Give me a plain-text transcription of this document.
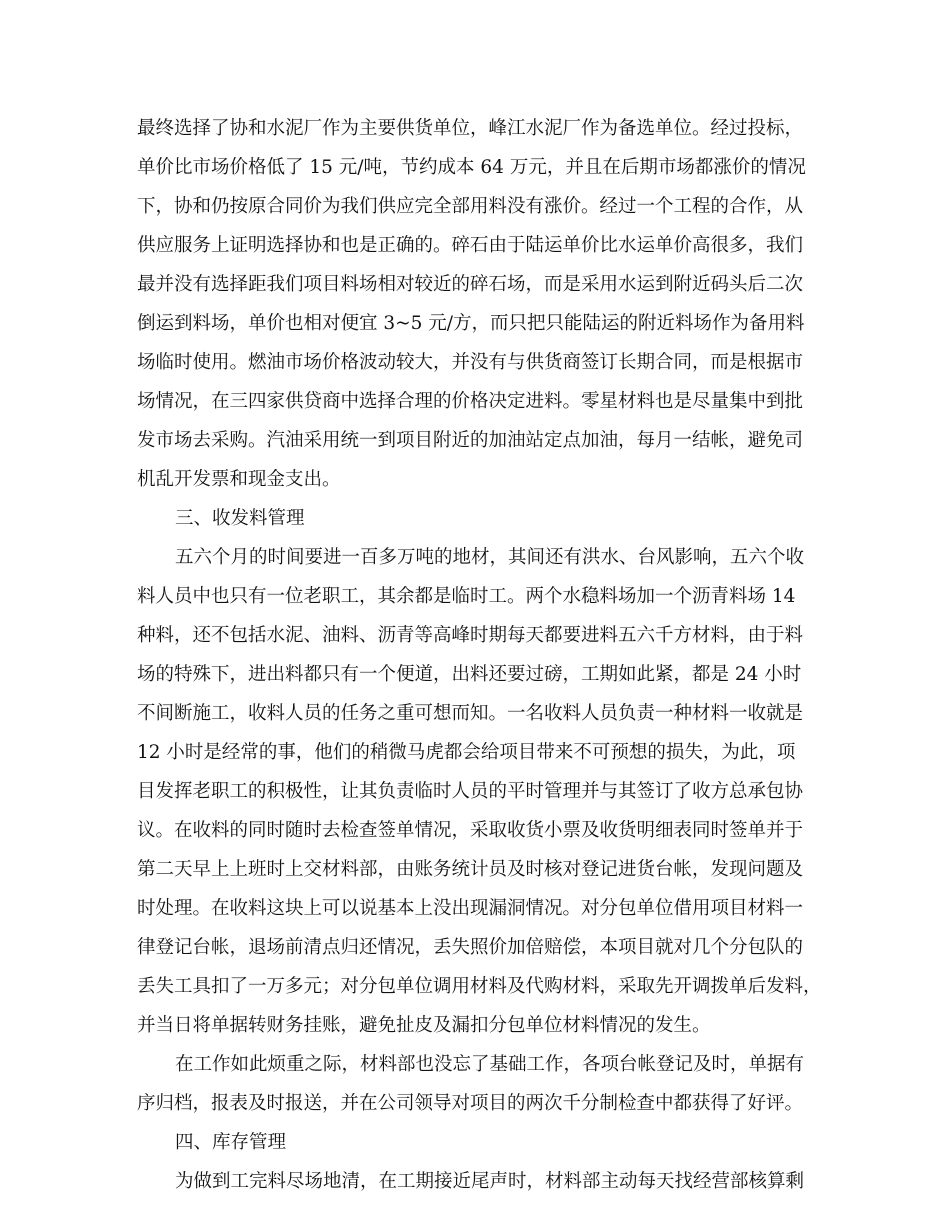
最终选择了协和水泥厂作为主要供货单位，峰江水泥厂作为备选单位。经过投标，
单价比市场价格低了 15 元/吨，节约成本 64 万元，并且在后期市场都涨价的情况
下，协和仍按原合同价为我们供应完全部用料没有涨价。经过一个工程的合作，从
供应服务上证明选择协和也是正确的。碎石由于陆运单价比水运单价高很多，我们
最并没有选择距我们项目料场相对较近的碎石场，而是采用水运到附近码头后二次
倒运到料场，单价也相对便宜 3~5 元/方，而只把只能陆运的附近料场作为备用料
场临时使用。燃油市场价格波动较大，并没有与供货商签订长期合同，而是根据市
场情况，在三四家供贷商中选择合理的价格决定进料。零星材料也是尽量集中到批
发市场去采购。汽油采用统一到项目附近的加油站定点加油，每月一结帐，避免司
机乱开发票和现金支出。
三、收发料管理
五六个月的时间要进一百多万吨的地材，其间还有洪水、台风影响，五六个收
料人员中也只有一位老职工，其余都是临时工。两个水稳料场加一个沥青料场 14
种料，还不包括水泥、油料、沥青等高峰时期每天都要进料五六千方材料，由于料
场的特殊下，进出料都只有一个便道，出料还要过磅，工期如此紧，都是 24 小时
不间断施工，收料人员的任务之重可想而知。一名收料人员负责一种材料一收就是
12 小时是经常的事，他们的稍微马虎都会给项目带来不可预想的损失，为此，项
目发挥老职工的积极性，让其负责临时人员的平时管理并与其签订了收方总承包协
议。在收料的同时随时去检查签单情况，采取收货小票及收货明细表同时签单并于
第二天早上上班时上交材料部，由账务统计员及时核对登记进货台帐，发现问题及
时处理。在收料这块上可以说基本上没出现漏洞情况。对分包单位借用项目材料一
律登记台帐，退场前清点归还情况，丢失照价加倍赔偿，本项目就对几个分包队的
丢失工具扣了一万多元；对分包单位调用材料及代购材料，采取先开调拨单后发料，
并当日将单据转财务挂账，避免扯皮及漏扣分包单位材料情况的发生。
在工作如此烦重之际，材料部也没忘了基础工作，各项台帐登记及时，单据有
序归档，报表及时报送，并在公司领导对项目的两次千分制检查中都获得了好评。
四、库存管理
为做到工完料尽场地清，在工期接近尾声时，材料部主动每天找经营部核算剩
